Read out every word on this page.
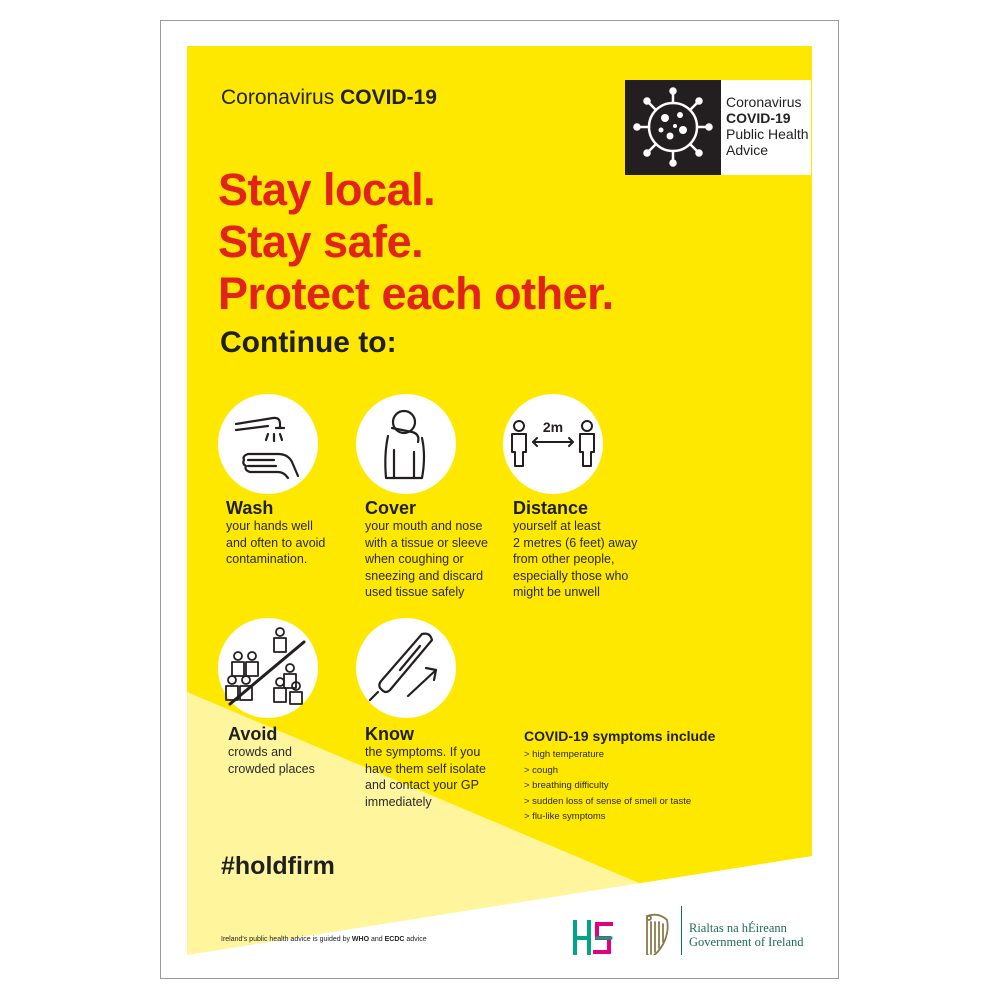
Coronavirus COVID-19	Coronavirus
COVID-19
Public Health
Advice
Stay local.
Stay safe.
Protect each other.
Continue to:
Wash
your hands well
and often to avoid
contamination.
Cover
your mouth and nose
with a tissue or sleeve
when coughing or
sneezing and discard
used tissue safely
2m
Distance
yourself at least
2 metres (6 feet) away
from other people,
especially those who
might be unwell
Avoid
crowds and
crowded places
Know
the symptoms. If you
have them self isolate
and contact your GP
immediately
COVID-19 symptoms include
> high temperature
> cough
> breathing difficulty
> sudden loss of sense of smell or taste
> flu-like symptoms
#holdfirm
Ireland's public health advice is guided by WHO and ECDC advice
Rialtas na hÉireann
Government of Ireland
